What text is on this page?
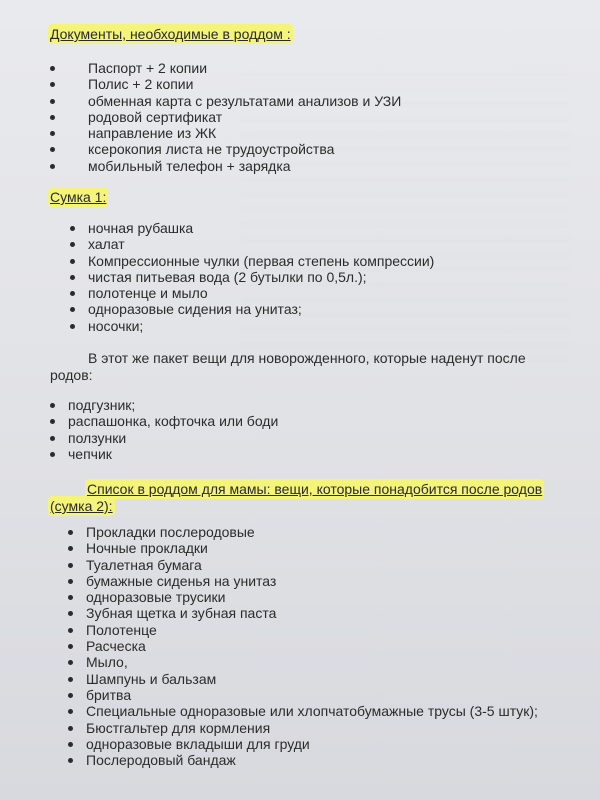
Документы, необходимые в роддом :
Паспорт + 2 копии
Полис + 2 копии
обменная карта с результатами анализов и УЗИ
родовой сертификат
направление из ЖК
ксерокопия листа не трудоустройства
мобильный телефон + зарядка
Сумка 1:
ночная рубашка
халат
Компрессионные чулки (первая степень компрессии)
чистая питьевая вода (2 бутылки по 0,5л.);
полотенце и мыло
одноразовые сидения на унитаз;
носочки;
В этот же пакет вещи для новорожденного, которые наденут после
родов:
подгузник;
распашонка, кофточка или боди
ползунки
чепчик
Список в роддом для мамы: вещи, которые понадобится после родов
(сумка 2):
Прокладки послеродовые
Ночные прокладки
Туалетная бумага
бумажные сиденья на унитаз
одноразовые трусики
Зубная щетка и зубная паста
Полотенце
Расческа
Мыло,
Шампунь и бальзам
бритва
Специальные одноразовые или хлопчатобумажные трусы (3-5 штук);
Бюстгальтер для кормления
одноразовые вкладыши для груди
Послеродовый бандаж
